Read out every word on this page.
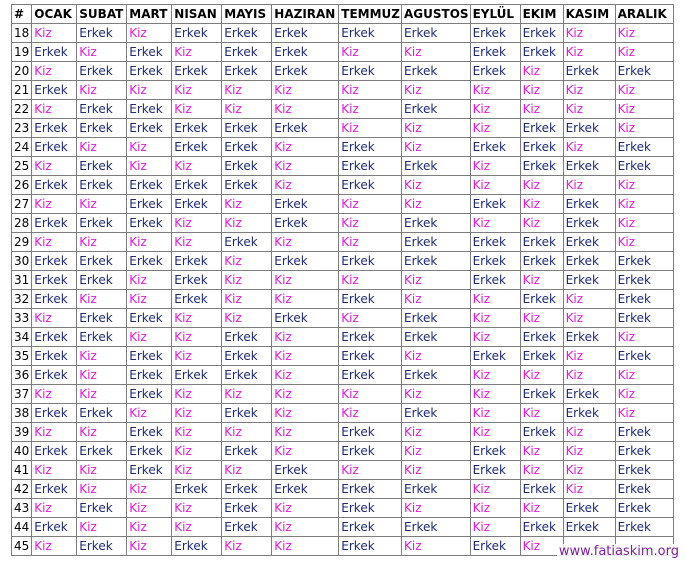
#	OCAK	SUBAT	MART	NISAN	MAYIS	HAZIRAN	TEMMUZ	AGUSTOS	EYLÜL	EKIM	KASIM	ARALIK
18	Kiz	Erkek	Kiz	Erkek	Erkek	Erkek	Erkek	Erkek	Erkek	Erkek	Kiz	Kiz
19	Erkek	Kiz	Erkek	Kiz	Erkek	Erkek	Kiz	Kiz	Erkek	Erkek	Kiz	Kiz
20	Kiz	Erkek	Erkek	Erkek	Erkek	Erkek	Erkek	Erkek	Erkek	Kiz	Erkek	Erkek
21	Erkek	Kiz	Kiz	Kiz	Kiz	Kiz	Kiz	Kiz	Kiz	Kiz	Kiz	Kiz
22	Kiz	Erkek	Erkek	Kiz	Kiz	Kiz	Kiz	Erkek	Kiz	Kiz	Kiz	Kiz
23	Erkek	Erkek	Erkek	Erkek	Erkek	Erkek	Kiz	Kiz	Kiz	Erkek	Erkek	Kiz
24	Erkek	Kiz	Kiz	Erkek	Erkek	Kiz	Erkek	Kiz	Erkek	Erkek	Kiz	Erkek
25	Kiz	Erkek	Kiz	Kiz	Erkek	Kiz	Erkek	Erkek	Kiz	Erkek	Erkek	Erkek
26	Erkek	Erkek	Erkek	Erkek	Erkek	Kiz	Erkek	Kiz	Kiz	Kiz	Kiz	Kiz
27	Kiz	Kiz	Erkek	Erkek	Kiz	Erkek	Kiz	Kiz	Erkek	Kiz	Erkek	Kiz
28	Erkek	Erkek	Erkek	Kiz	Kiz	Erkek	Kiz	Erkek	Kiz	Kiz	Erkek	Kiz
29	Kiz	Kiz	Kiz	Kiz	Erkek	Kiz	Kiz	Erkek	Erkek	Erkek	Erkek	Kiz
30	Erkek	Erkek	Erkek	Erkek	Kiz	Erkek	Erkek	Erkek	Erkek	Erkek	Erkek	Erkek
31	Erkek	Erkek	Kiz	Erkek	Kiz	Kiz	Kiz	Kiz	Erkek	Kiz	Erkek	Erkek
32	Erkek	Kiz	Kiz	Erkek	Kiz	Kiz	Erkek	Kiz	Kiz	Erkek	Kiz	Erkek
33	Kiz	Erkek	Erkek	Kiz	Kiz	Erkek	Kiz	Erkek	Kiz	Kiz	Kiz	Erkek
34	Erkek	Erkek	Kiz	Kiz	Erkek	Kiz	Erkek	Erkek	Kiz	Erkek	Erkek	Kiz
35	Erkek	Kiz	Erkek	Kiz	Erkek	Kiz	Erkek	Kiz	Erkek	Erkek	Kiz	Erkek
36	Erkek	Kiz	Erkek	Erkek	Erkek	Kiz	Erkek	Erkek	Kiz	Kiz	Kiz	Kiz
37	Kiz	Kiz	Erkek	Kiz	Kiz	Kiz	Kiz	Kiz	Kiz	Erkek	Erkek	Kiz
38	Erkek	Erkek	Kiz	Kiz	Erkek	Kiz	Kiz	Erkek	Kiz	Kiz	Erkek	Kiz
39	Kiz	Kiz	Erkek	Kiz	Kiz	Kiz	Erkek	Kiz	Kiz	Erkek	Kiz	Erkek
40	Erkek	Erkek	Erkek	Kiz	Erkek	Kiz	Erkek	Kiz	Erkek	Kiz	Kiz	Erkek
41	Kiz	Kiz	Erkek	Kiz	Kiz	Erkek	Kiz	Kiz	Erkek	Kiz	Kiz	Erkek
42	Erkek	Kiz	Kiz	Erkek	Erkek	Erkek	Erkek	Erkek	Kiz	Erkek	Kiz	Erkek
43	Kiz	Erkek	Kiz	Kiz	Erkek	Kiz	Erkek	Kiz	Kiz	Kiz	Erkek	Erkek
44	Erkek	Kiz	Kiz	Kiz	Erkek	Kiz	Erkek	Erkek	Kiz	Erkek	Erkek	Erkek
45	Kiz	Erkek	Kiz	Erkek	Kiz	Kiz	Erkek	Kiz	Erkek	Kiz		www.fatiaskim.org
